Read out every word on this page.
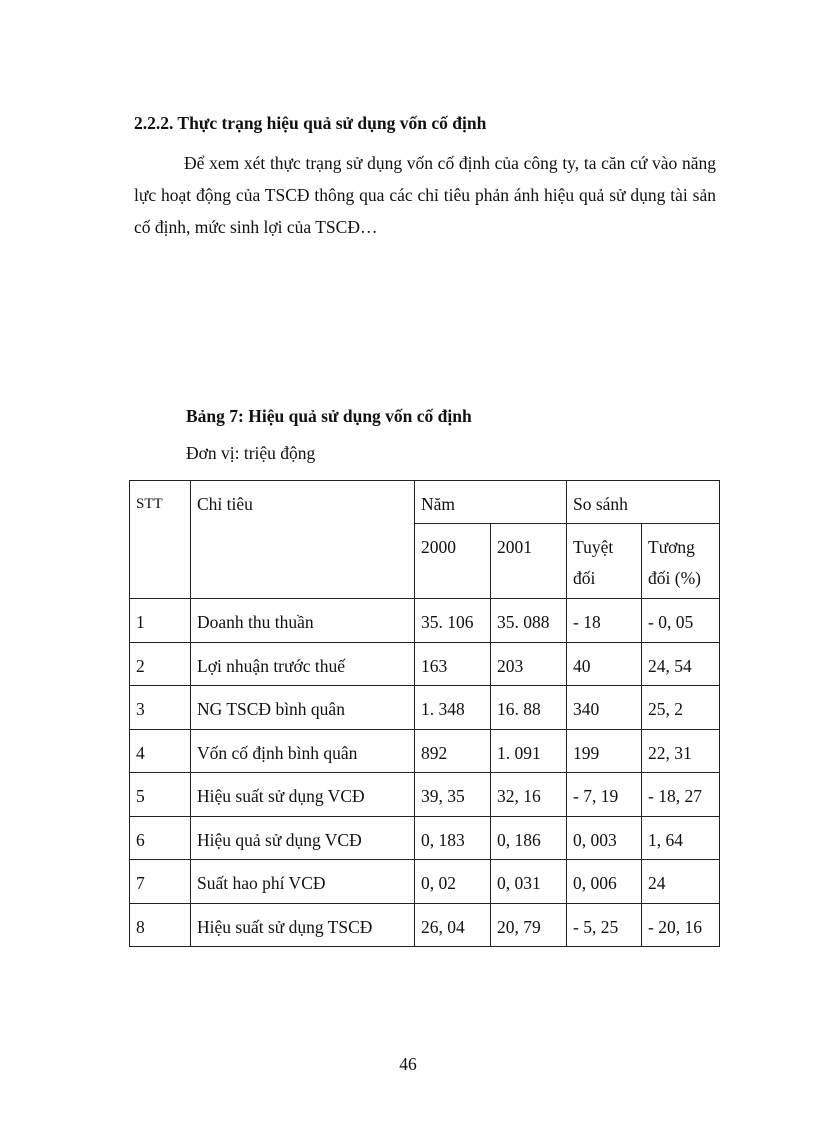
2.2.2. Thực trạng hiệu quả sử dụng vốn cố định
Để xem xét thực trạng sử dụng vốn cố định của công ty, ta căn cứ vào năng lực hoạt động của TSCĐ thông qua các chỉ tiêu phản ánh hiệu quả sử dụng tài sản cố định, mức sinh lợi của TSCĐ…
Bảng 7: Hiệu quả sử dụng vốn cố định
Đơn vị: triệu động
STT	Chỉ tiêu	Năm		So sánh	
		2000	2001	Tuyệt đối	Tương đối (%)
1	Doanh thu thuần	35. 106	35. 088	- 18	- 0, 05
2	Lợi nhuận trước thuế	163	203	40	24, 54
3	NG TSCĐ bình quân	1. 348	16. 88	340	25, 2
4	Vốn cố định bình quân	892	1. 091	199	22, 31
5	Hiệu suất sử dụng VCĐ	39, 35	32, 16	- 7, 19	- 18, 27
6	Hiệu quả sử dụng VCĐ	0, 183	0, 186	0, 003	1, 64
7	Suất hao phí VCĐ	0, 02	0, 031	0, 006	24
8	Hiệu suất sử dụng TSCĐ	26, 04	20, 79	- 5, 25	- 20, 16
46
